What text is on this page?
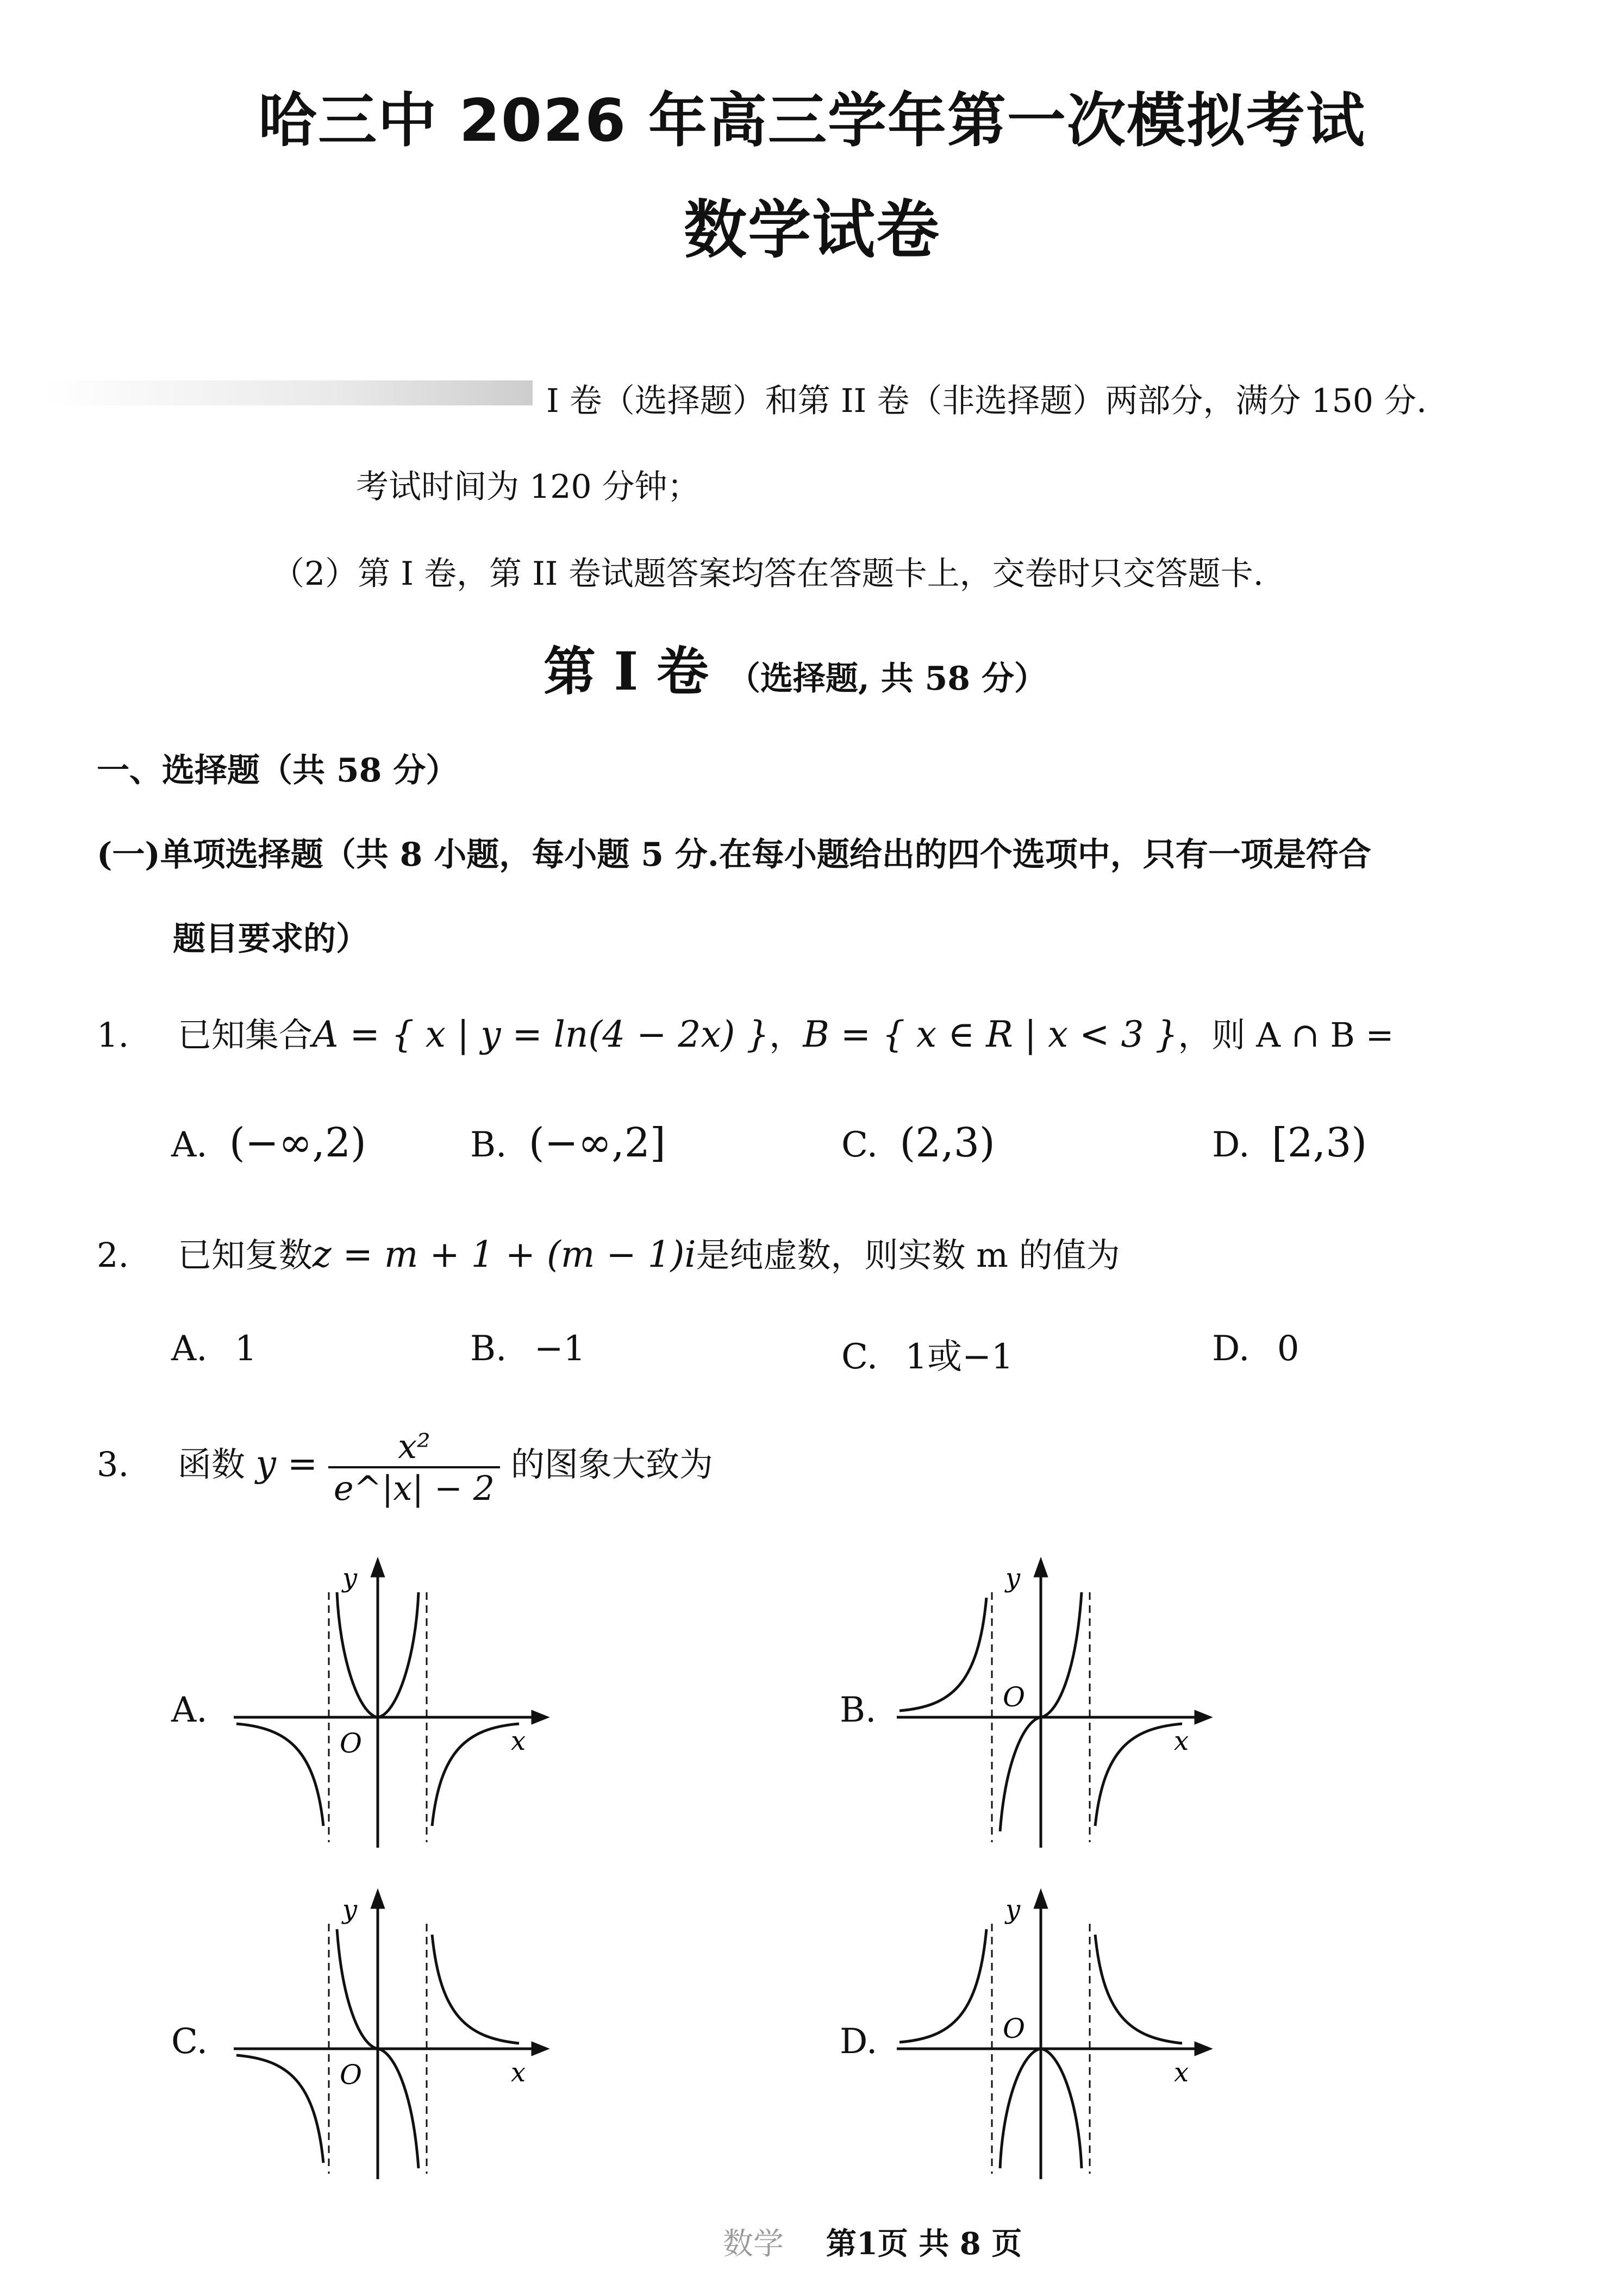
哈三中 2026 年高三学年第一次模拟考试
数学试卷
I 卷（选择题）和第 II 卷（非选择题）两部分，满分 150 分.
考试时间为 120 分钟；
（2）第 I 卷，第 II 卷试题答案均答在答题卡上，交卷时只交答题卡.
第 I 卷 （选择题, 共 58 分）
一、选择题（共 58 分）
(一)单项选择题（共 8 小题，每小题 5 分.在每小题给出的四个选项中，只有一项是符合
题目要求的）
1. 已知集合A = { x | y = ln(4 − 2x) }，B = { x ∈ R | x < 3 }，则 A ∩ B =
A. (−∞,2)	B. (−∞,2]	C. (2,3)	D. [2,3)
2. 已知复数z = m + 1 + (m − 1)i是纯虚数，则实数 m 的值为
A. 1	B. −1	C. 1或−1	D. 0
3. 函数 $y = \frac{\text{x²}}{e\^{}|x| - 2}$ 的图象大致为
A.	B.
C.	D.
y
x
O
y
x
O
y
x
O
y
x
O
数学 第1页 共 8 页
